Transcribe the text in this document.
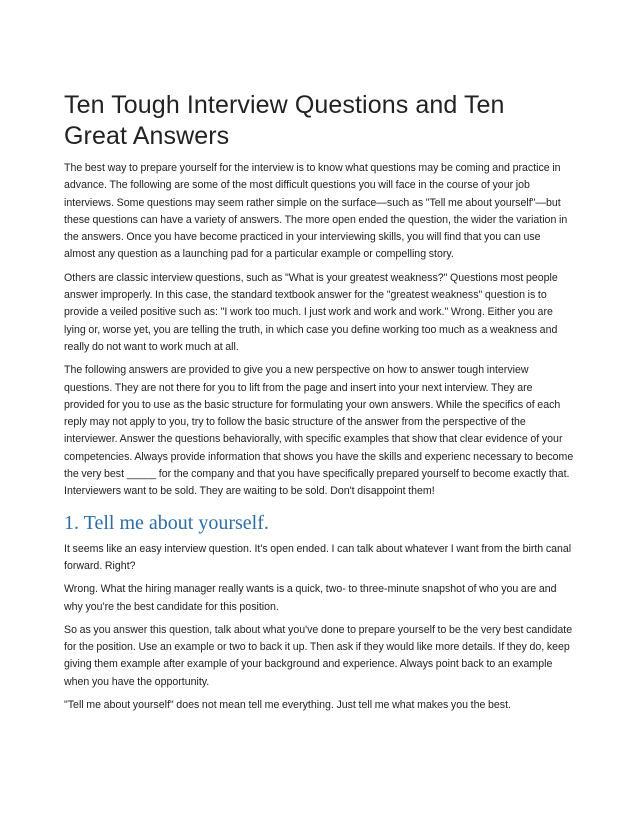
Ten Tough Interview Questions and Ten Great Answers

The best way to prepare yourself for the interview is to know what questions may be coming and practice in advance. The following are some of the most difficult questions you will face in the course of your job interviews. Some questions may seem rather simple on the surface—such as "Tell me about yourself"—but these questions can have a variety of answers. The more open ended the question, the wider the variation in the answers. Once you have become practiced in your interviewing skills, you will find that you can use almost any question as a launching pad for a particular example or compelling story.

Others are classic interview questions, such as "What is your greatest weakness?" Questions most people answer improperly. In this case, the standard textbook answer for the "greatest weakness" question is to provide a veiled positive such as: "I work too much. I just work and work and work." Wrong. Either you are lying or, worse yet, you are telling the truth, in which case you define working too much as a weakness and really do not want to work much at all.

The following answers are provided to give you a new perspective on how to answer tough interview questions. They are not there for you to lift from the page and insert into your next interview. They are provided for you to use as the basic structure for formulating your own answers. While the specifics of each reply may not apply to you, try to follow the basic structure of the answer from the perspective of the interviewer. Answer the questions behaviorally, with specific examples that show that clear evidence of your competencies. Always provide information that shows you have the skills and experienc necessary to become the very best _____ for the company and that you have specifically prepared yourself to become exactly that. Interviewers want to be sold. They are waiting to be sold. Don't disappoint them!

1. Tell me about yourself.

It seems like an easy interview question. It's open ended. I can talk about whatever I want from the birth canal forward. Right?

Wrong. What the hiring manager really wants is a quick, two- to three-minute snapshot of who you are and why you're the best candidate for this position.

So as you answer this question, talk about what you've done to prepare yourself to be the very best candidate for the position. Use an example or two to back it up. Then ask if they would like more details. If they do, keep giving them example after example of your background and experience. Always point back to an example when you have the opportunity.

"Tell me about yourself" does not mean tell me everything. Just tell me what makes you the best.
